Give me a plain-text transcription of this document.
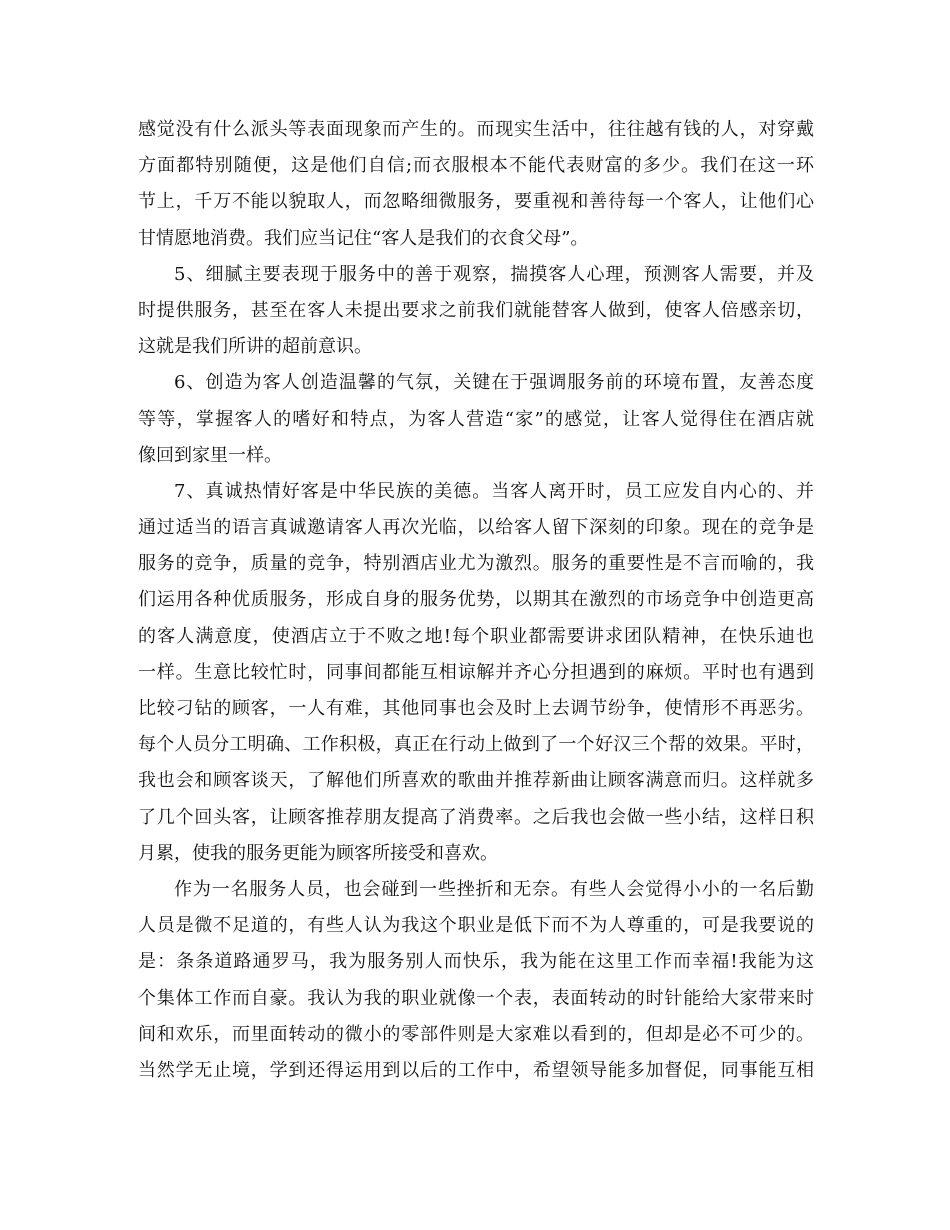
感觉没有什么派头等表面现象而产生的。而现实生活中，往往越有钱的人，对穿戴
方面都特别随便，这是他们自信;而衣服根本不能代表财富的多少。我们在这一环
节上，千万不能以貌取人，而忽略细微服务，要重视和善待每一个客人，让他们心
甘情愿地消费。我们应当记住“客人是我们的衣食父母”。
5、细腻主要表现于服务中的善于观察，揣摸客人心理，预测客人需要，并及
时提供服务，甚至在客人未提出要求之前我们就能替客人做到，使客人倍感亲切，
这就是我们所讲的超前意识。
6、创造为客人创造温馨的气氛，关键在于强调服务前的环境布置，友善态度
等等，掌握客人的嗜好和特点，为客人营造“家”的感觉，让客人觉得住在酒店就
像回到家里一样。
7、真诚热情好客是中华民族的美德。当客人离开时，员工应发自内心的、并
通过适当的语言真诚邀请客人再次光临，以给客人留下深刻的印象。现在的竞争是
服务的竞争，质量的竞争，特别酒店业尤为激烈。服务的重要性是不言而喻的，我
们运用各种优质服务，形成自身的服务优势，以期其在激烈的市场竞争中创造更高
的客人满意度，使酒店立于不败之地!每个职业都需要讲求团队精神，在快乐迪也
一样。生意比较忙时，同事间都能互相谅解并齐心分担遇到的麻烦。平时也有遇到
比较刁钻的顾客，一人有难，其他同事也会及时上去调节纷争，使情形不再恶劣。
每个人员分工明确、工作积极，真正在行动上做到了一个好汉三个帮的效果。平时，
我也会和顾客谈天，了解他们所喜欢的歌曲并推荐新曲让顾客满意而归。这样就多
了几个回头客，让顾客推荐朋友提高了消费率。之后我也会做一些小结，这样日积
月累，使我的服务更能为顾客所接受和喜欢。
作为一名服务人员，也会碰到一些挫折和无奈。有些人会觉得小小的一名后勤
人员是微不足道的，有些人认为我这个职业是低下而不为人尊重的，可是我要说的
是：条条道路通罗马，我为服务别人而快乐，我为能在这里工作而幸福!我能为这
个集体工作而自豪。我认为我的职业就像一个表，表面转动的时针能给大家带来时
间和欢乐，而里面转动的微小的零部件则是大家难以看到的，但却是必不可少的。
当然学无止境，学到还得运用到以后的工作中，希望领导能多加督促，同事能互相
